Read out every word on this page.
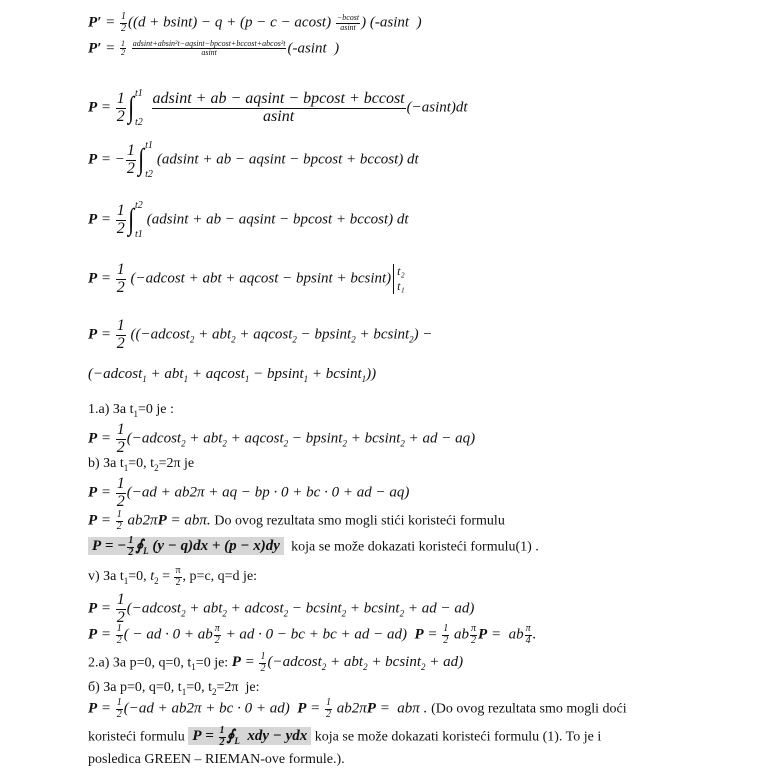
$P' = \frac{1}{2} ((d + bsint) - q + (p - c - acost) \frac{-bcost}{asint}$ ) (-asint  )
$P' = \frac{1}{2}$
$\frac{\text{adsint+absin²t−aqsint−bpcost+bccost+abcos²t}}{asint} (-asint$  )
$P = \frac{1}{2}$ ∫ t1
t2
$\frac{adsint + ab - aqsint - bpcost + bccost}{asint} (-asint)dt$
P = − $\frac{1}{2}$ ∫ t1
t2
(adsint + ab − aqsint − bpcost + bccost) dt
$P = \frac{1}{2}$ ∫ t2
t1
(adsint + ab − aqsint − bpcost + bccost) dt
$P = \frac{1}{2} (-adcost$ + abt + aqcost − bpsint + bcsint) t₂
t₁
$P = \frac{1}{2} ((-adcost_2 + abt_2 + aqcost_2 - bpsint_2 + bcsint_2)$ −
(−adcost$_1$ + abt$_1$ + aqcost$_1$ − bpsint$_1$ + bcsint$_1$))
1.а) За $t_1=0$ је :
$P = \frac{1}{2} (-adcost_2 + abt_2 + aqcost_2 - bpsint_2 + bcsint_2$ + ad − aq)
b) За $t_1=0$, $t_2=2\pi$ је
$P = \frac{1}{2} (-ad + ab2\pi$ + aq − bp · 0 + bc · 0 + ad − aq)
$P = \frac{1}{2} ab2\pi P = ab\pi$. Do ovog rezultata smo mogli stići koristeći formulu
P = − $\frac{1}{2}$ $∮_L$ (y − q)dx + (p − x)dy  koja se može dokazati koristeći formulu(1) .
v) За $t_1=0$, $t_2 = \frac{\pi}{2}$ , p=c, q=d је:
$P = \frac{1}{2} (-adcost_2 + abt_2 + adcost_2 - bcsint_2 + bcsint_2$ + ad − ad)
$P = \frac{1}{2}$ ( − ad · 0 + ab $\frac{\pi}{2}$ + ad · 0 − bc + bc + ad − ad)  $P = \frac{1}{2}$ ab $\frac{\pi}{2}$ P =  ab $\frac{\pi}{4}$ .
2.а) За p=0, q=0, $t_1=0$ је: $P = \frac{1}{2} (-adcost_2 + abt_2 + bcsint_2 + ad)$
б) За p=0, q=0, $t_1=0$, $t_2=2\pi$  је:
$P = \frac{1}{2} (-ad + ab2\pi$ + bc · 0 + ad)  $P = \frac{1}{2} ab2\pi P = ab\pi$ . (Do ovog rezultata smo mogli doći
koristeći formulu $P = \frac{1}{2}$ $∮_L$  xdy − ydx koja se može dokazati koristeći formulu (1). To je i
posledica GREEN – RIEMAN-ove formule.).
